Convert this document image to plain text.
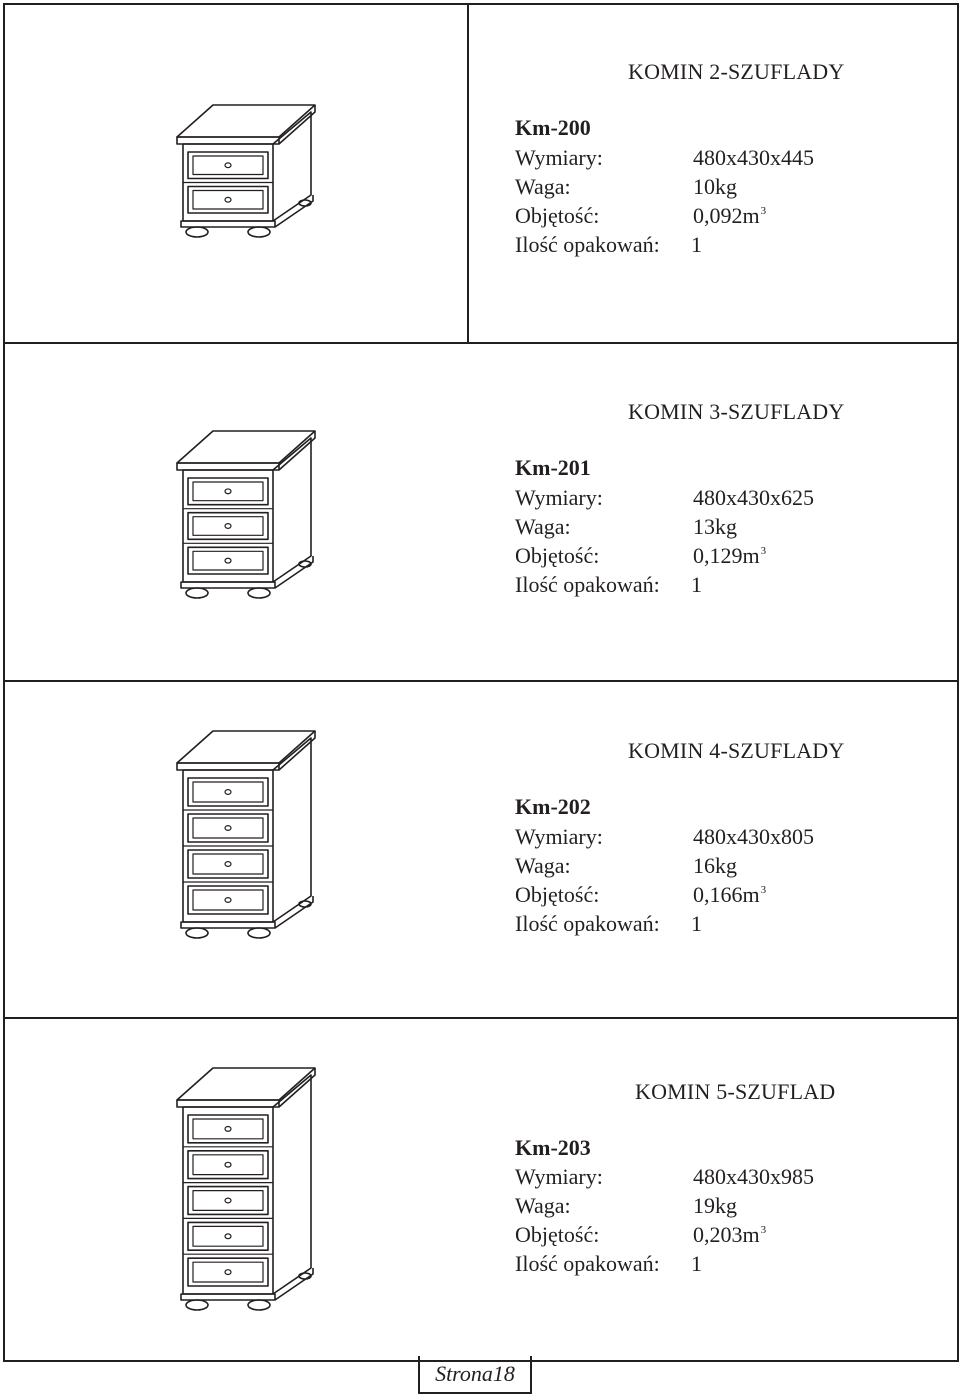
KOMIN 2-SZUFLADY
Km-200
Wymiary:	480x430x445
Waga:	10kg
Objętość:	$0,092m^3$
Ilość opakowań: 1
KOMIN 3-SZUFLADY
Km-201
Wymiary:	480x430x625
Waga:	13kg
Objętość:	$0,129m^3$
Ilość opakowań: 1
KOMIN 4-SZUFLADY
Km-202
Wymiary:	480x430x805
Waga:	16kg
Objętość:	$0,166m^3$
Ilość opakowań: 1
KOMIN 5-SZUFLAD
Km-203
Wymiary:	480x430x985
Waga:	19kg
Objętość:	$0,203m^3$
Ilość opakowań: 1
Strona18
